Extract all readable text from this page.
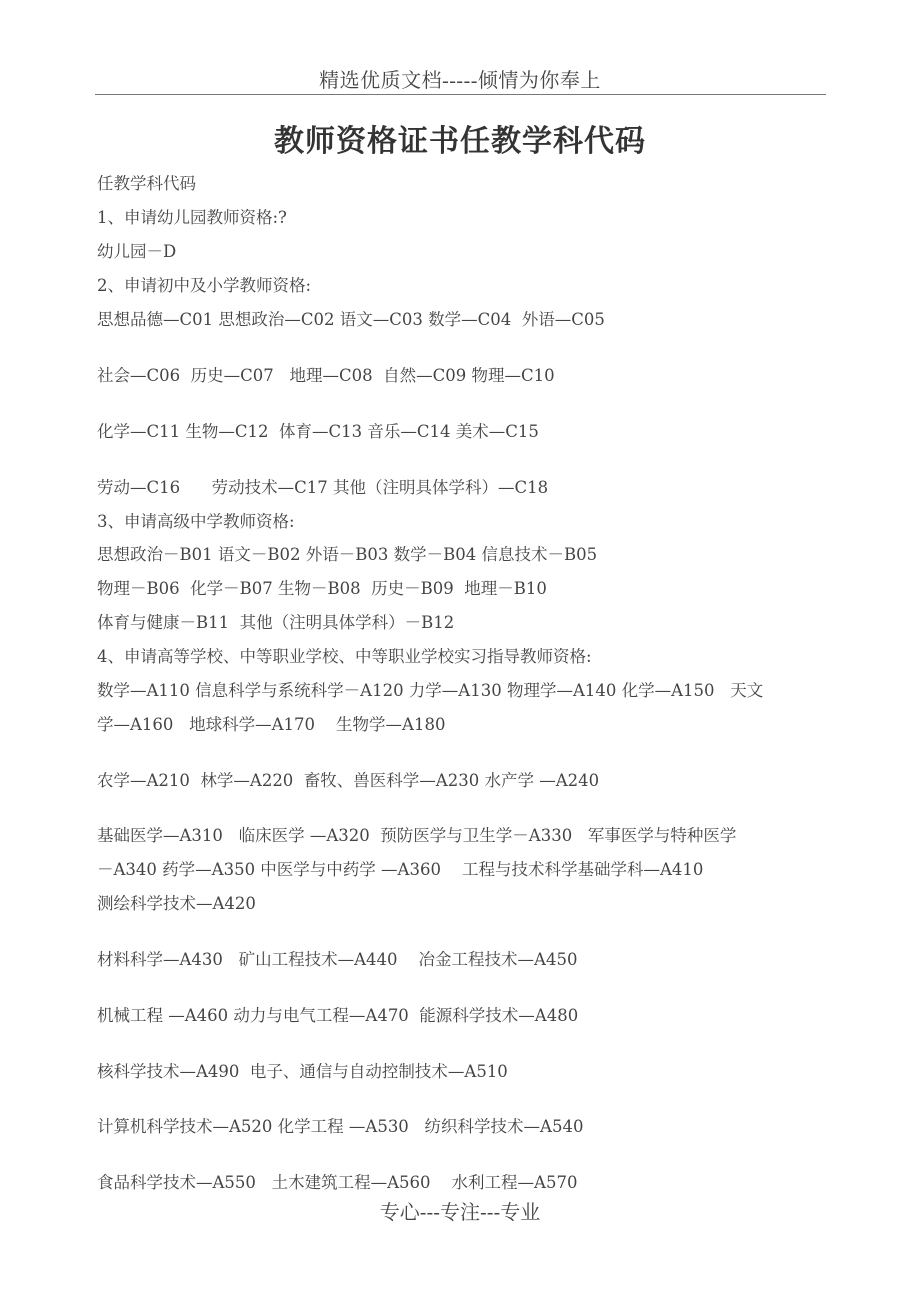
精选优质文档-----倾情为你奉上
教师资格证书任教学科代码
任教学科代码
1、申请幼儿园教师资格:?
幼儿园－D
2、申请初中及小学教师资格:
思想品德—C01 思想政治—C02 语文—C03 数学—C04  外语—C05
社会—C06  历史—C07   地理—C08  自然—C09 物理—C10
化学—C11 生物—C12  体育—C13 音乐—C14 美术—C15
劳动—C16      劳动技术—C17 其他（注明具体学科）—C18
3、申请高级中学教师资格:
思想政治－B01 语文－B02 外语－B03 数学－B04 信息技术－B05
物理－B06  化学－B07 生物－B08  历史－B09  地理－B10
体育与健康－B11  其他（注明具体学科）－B12
4、申请高等学校、中等职业学校、中等职业学校实习指导教师资格:
数学—A110 信息科学与系统科学－A120 力学—A130 物理学—A140 化学—A150   天文
学—A160   地球科学—A170    生物学—A180
农学—A210  林学—A220  畜牧、兽医科学—A230 水产学 —A240
基础医学—A310   临床医学 —A320  预防医学与卫生学－A330   军事医学与特种医学
－A340 药学—A350 中医学与中药学 —A360    工程与技术科学基础学科—A410
测绘科学技术—A420
材料科学—A430   矿山工程技术—A440    冶金工程技术—A450
机械工程 —A460 动力与电气工程—A470  能源科学技术—A480
核科学技术—A490  电子、通信与自动控制技术—A510
计算机科学技术—A520 化学工程 —A530   纺织科学技术—A540
食品科学技术—A550   土木建筑工程—A560    水利工程—A570
专心---专注---专业
